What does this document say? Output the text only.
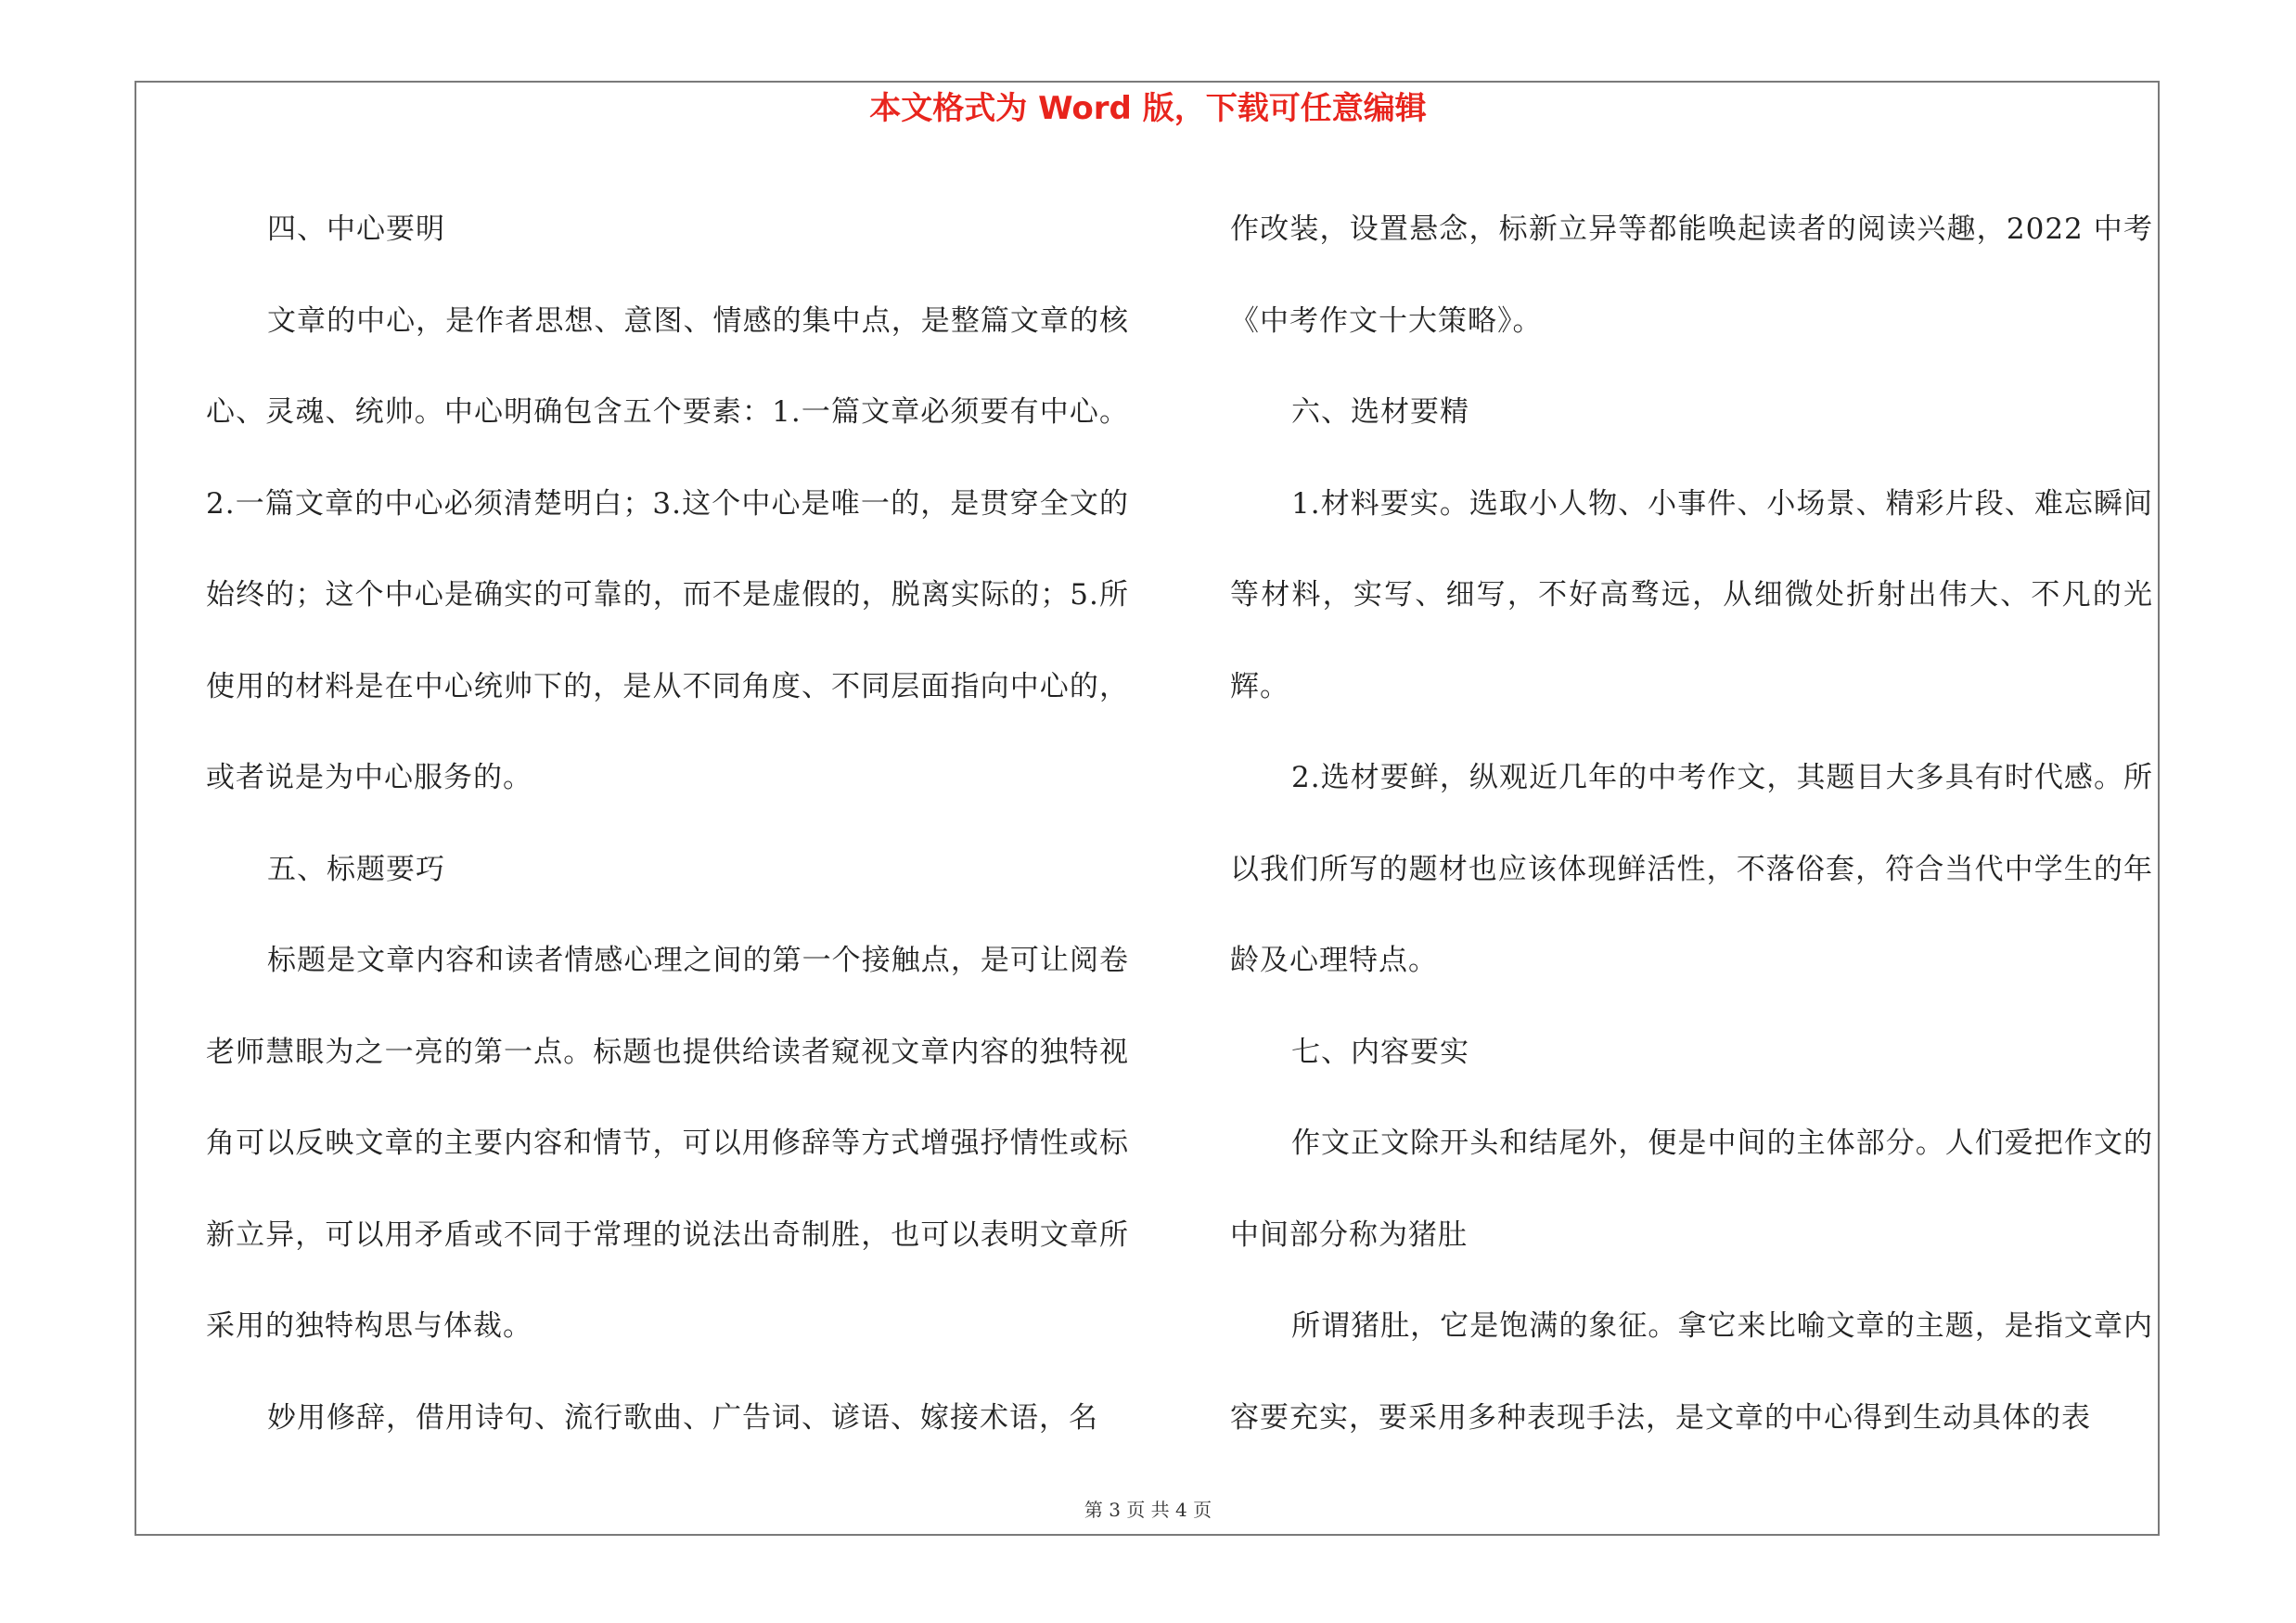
本文格式为 Word 版，下载可任意编辑

四、中心要明

文章的中心，是作者思想、意图、情感的集中点，是整篇文章的核心、灵魂、统帅。中心明确包含五个要素：1.一篇文章必须要有中心。2.一篇文章的中心必须清楚明白；3.这个中心是唯一的，是贯穿全文的始终的；这个中心是确实的可靠的，而不是虚假的，脱离实际的；5.所使用的材料是在中心统帅下的，是从不同角度、不同层面指向中心的，或者说是为中心服务的。

五、标题要巧

标题是文章内容和读者情感心理之间的第一个接触点，是可让阅卷老师慧眼为之一亮的第一点。标题也提供给读者窥视文章内容的独特视角可以反映文章的主要内容和情节，可以用修辞等方式增强抒情性或标新立异，可以用矛盾或不同于常理的说法出奇制胜，也可以表明文章所采用的独特构思与体裁。

妙用修辞，借用诗句、流行歌曲、广告词、谚语、嫁接术语，名

作改装，设置悬念，标新立异等都能唤起读者的阅读兴趣，2022 中考《中考作文十大策略》。

六、选材要精

1.材料要实。选取小人物、小事件、小场景、精彩片段、难忘瞬间等材料，实写、细写，不好高骛远，从细微处折射出伟大、不凡的光辉。

2.选材要鲜，纵观近几年的中考作文，其题目大多具有时代感。所以我们所写的题材也应该体现鲜活性，不落俗套，符合当代中学生的年龄及心理特点。

七、内容要实

作文正文除开头和结尾外，便是中间的主体部分。人们爱把作文的中间部分称为猪肚

所谓猪肚，它是饱满的象征。拿它来比喻文章的主题，是指文章内容要充实，要采用多种表现手法，是文章的中心得到生动具体的表

第 3 页 共 4 页
